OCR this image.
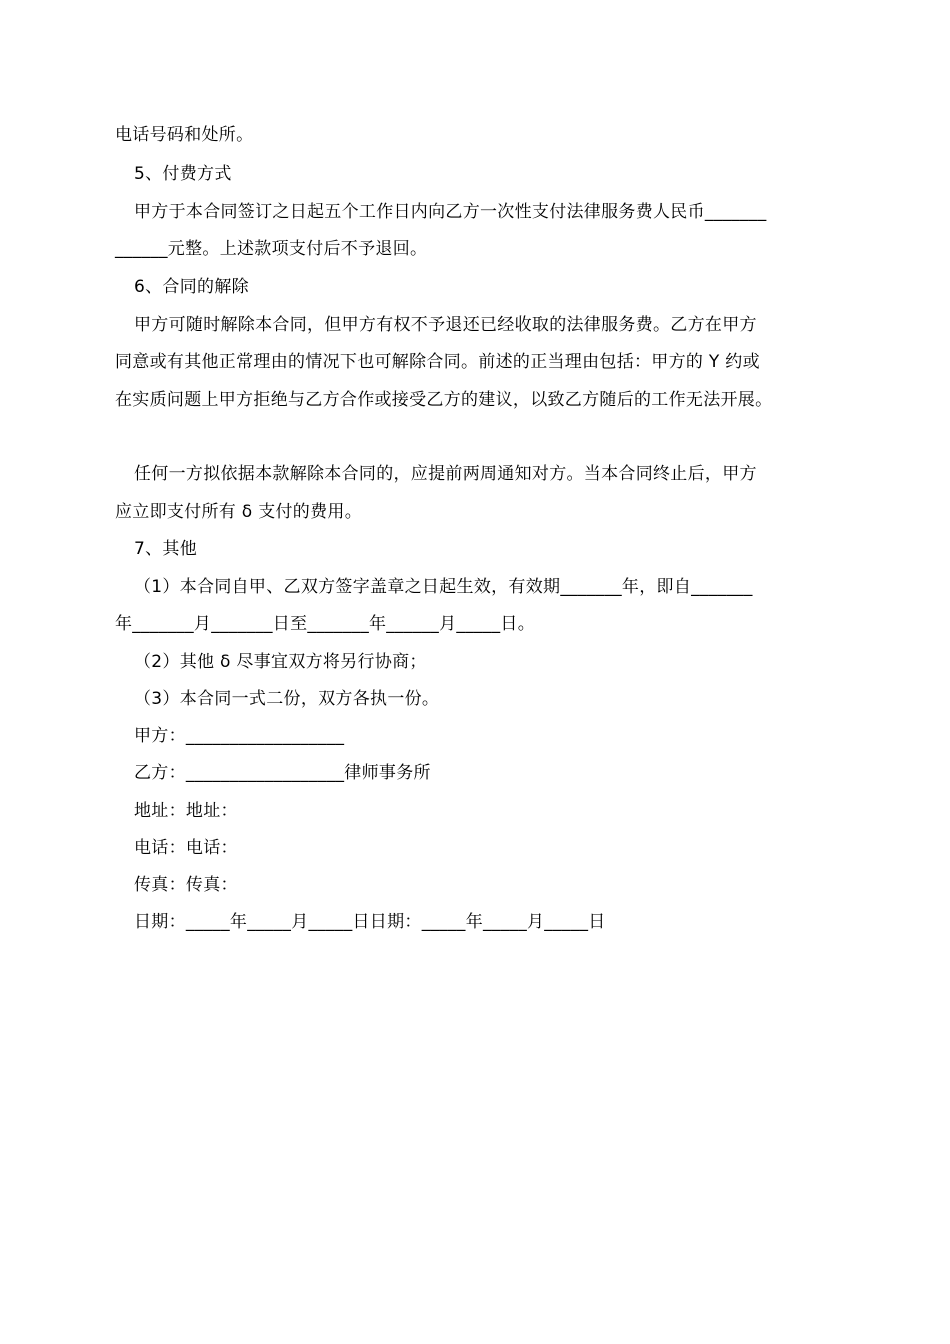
电话号码和处所。
5、付费方式
甲方于本合同签订之日起五个工作日内向乙方一次性支付法律服务费人民币_______
______元整。上述款项支付后不予退回。
6、合同的解除
甲方可随时解除本合同，但甲方有权不予退还已经收取的法律服务费。乙方在甲方
同意或有其他正常理由的情况下也可解除合同。前述的正当理由包括：甲方的 Y 约或
在实质问题上甲方拒绝与乙方合作或接受乙方的建议，以致乙方随后的工作无法开展。
任何一方拟依据本款解除本合同的，应提前两周通知对方。当本合同终止后，甲方
应立即支付所有 δ 支付的费用。
7、其他
（1）本合同自甲、乙双方签字盖章之日起生效，有效期_______年，即自_______
年_______月_______日至_______年______月_____日。
（2）其他 δ 尽事宜双方将另行协商；
（3）本合同一式二份，双方各执一份。
甲方：__________________
乙方：__________________律师事务所
地址：地址：
电话：电话：
传真：传真：
日期：_____年_____月_____日日期：_____年_____月_____日
